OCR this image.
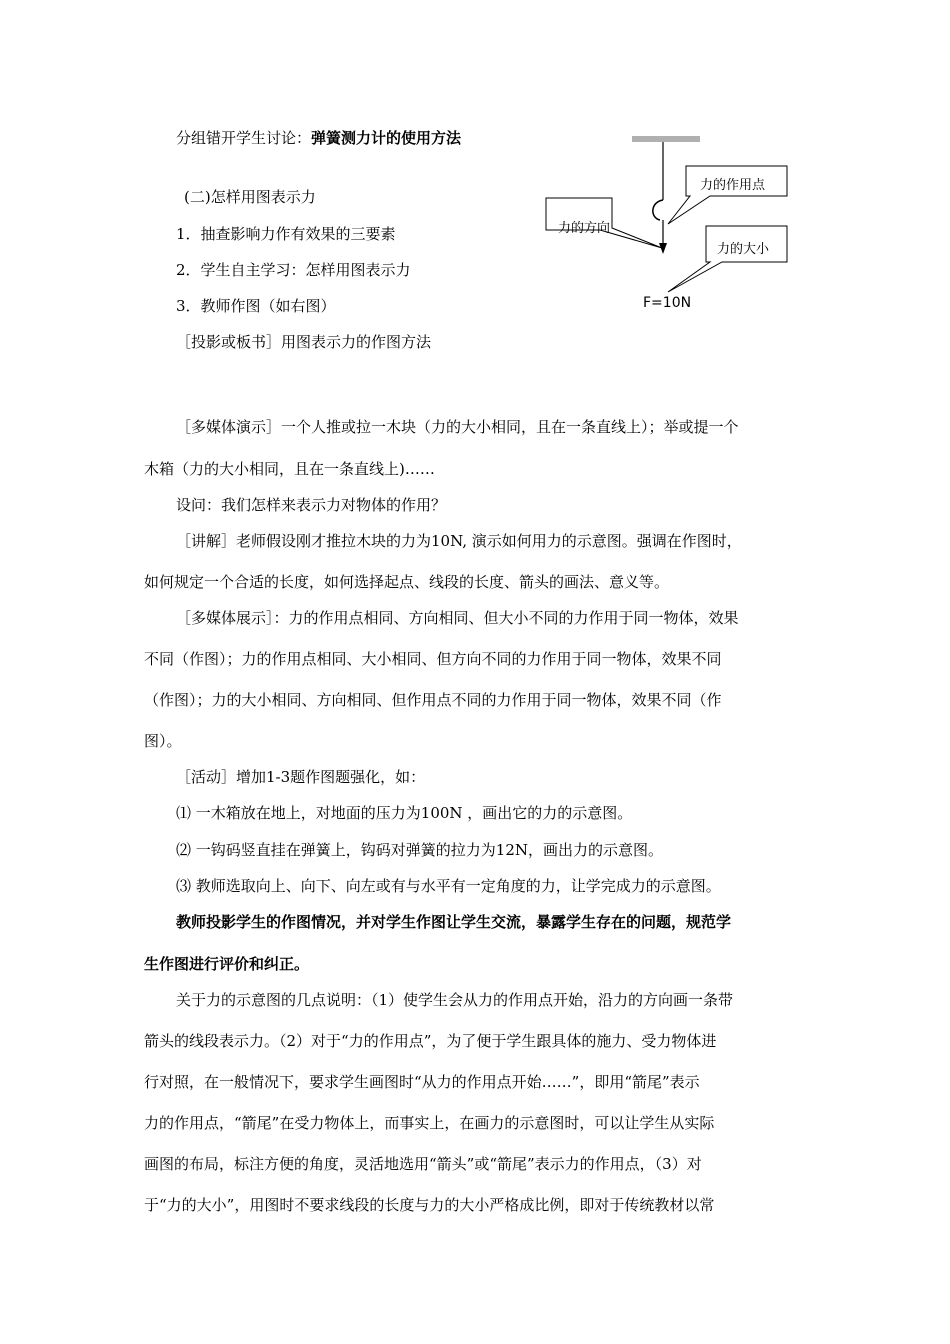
分组错开学生讨论：弹簧测力计的使用方法
(二)怎样用图表示力
1．抽查影响力作有效果的三要素
2．学生自主学习：怎样用图表示力
3．教师作图（如右图）
［投影或板书］用图表示力的作图方法
力的作用点
力的方向
力的大小
F=10N
［多媒体演示］一个人推或拉一木块（力的大小相同，且在一条直线上）；举或提一个
木箱（力的大小相同，且在一条直线上)……
设问：我们怎样来表示力对物体的作用？
［讲解］老师假设刚才推拉木块的力为10N, 演示如何用力的示意图。强调在作图时，
如何规定一个合适的长度，如何选择起点、线段的长度、箭头的画法、意义等。
［多媒体展示］：力的作用点相同、方向相同、但大小不同的力作用于同一物体，效果
不同（作图）；力的作用点相同、大小相同、但方向不同的力作用于同一物体，效果不同
（作图）；力的大小相同、方向相同、但作用点不同的力作用于同一物体，效果不同（作
图）。
［活动］增加1-3题作图题强化，如：
⑴ 一木箱放在地上，对地面的压力为100N ，画出它的力的示意图。
⑵ 一钩码竖直挂在弹簧上，钩码对弹簧的拉力为12N，画出力的示意图。
⑶ 教师选取向上、向下、向左或有与水平有一定角度的力，让学完成力的示意图。
教师投影学生的作图情况，并对学生作图让学生交流，暴露学生存在的问题，规范学
生作图进行评价和纠正。
关于力的示意图的几点说明：（1）使学生会从力的作用点开始，沿力的方向画一条带
箭头的线段表示力。（2）对于“力的作用点”，为了便于学生跟具体的施力、受力物体进
行对照，在一般情况下，要求学生画图时“从力的作用点开始……”，即用“箭尾”表示
力的作用点，“箭尾”在受力物体上，而事实上，在画力的示意图时，可以让学生从实际
画图的布局，标注方便的角度，灵活地选用“箭头”或“箭尾”表示力的作用点，（3）对
于“力的大小”，用图时不要求线段的长度与力的大小严格成比例，即对于传统教材以常
